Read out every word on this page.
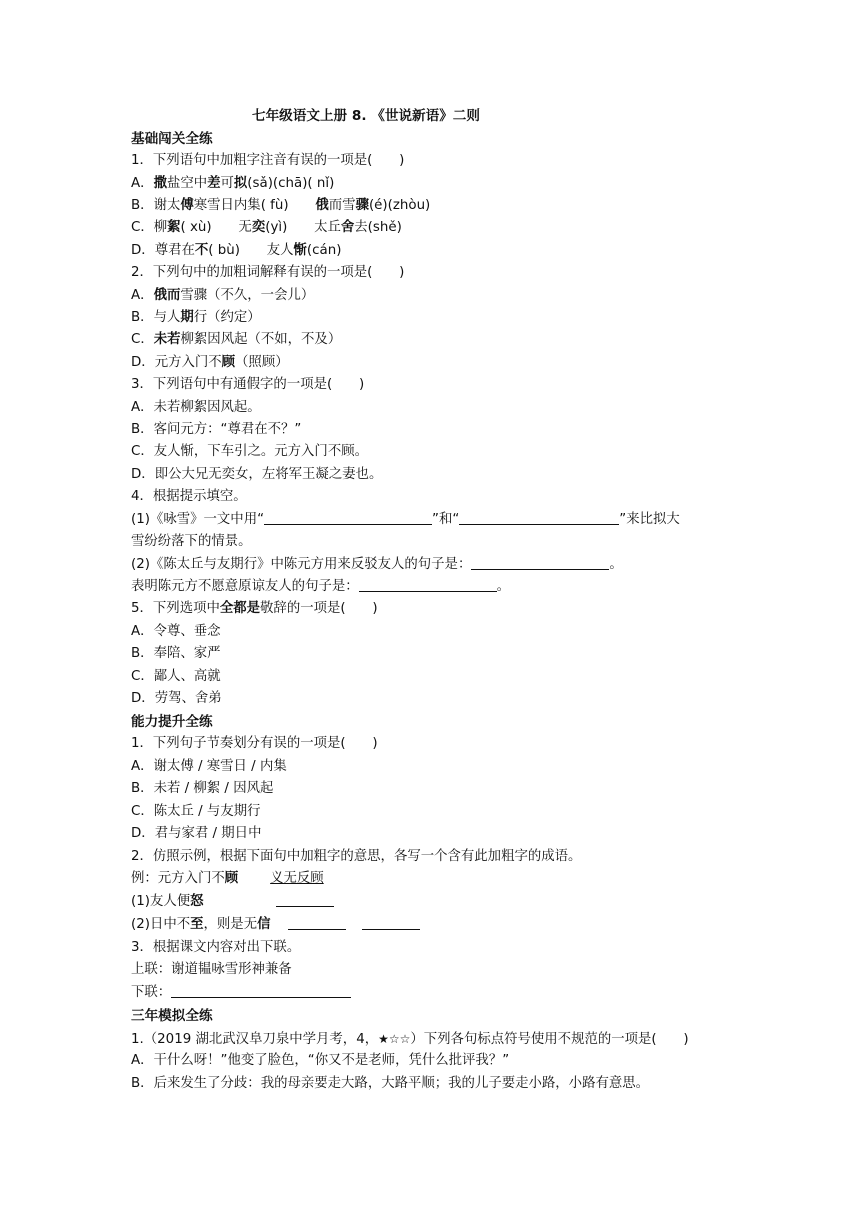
七年级语文上册 8. 《世说新语》二则
基础闯关全练
1．下列语句中加粗字注音有误的一项是(　　)
A．撒盐空中差可拟(sǎ)(chā)( nǐ)
B．谢太傅寒雪日内集( fù)　　俄而雪骤(é)(zhòu)
C．柳絮( xù)　　无奕(yì)　　太丘舍去(shě)
D．尊君在不( bù)　　友人惭(cán)
2．下列句中的加粗词解释有误的一项是(　　)
A．俄而雪骤（不久，一会儿）
B．与人期行（约定）
C．未若柳絮因风起（不如，不及）
D．元方入门不顾（照顾）
3．下列语句中有通假字的一项是(　　)
A．未若柳絮因风起。
B．客问元方：“尊君在不？”
C．友人惭，下车引之。元方入门不顾。
D．即公大兄无奕女，左将军王凝之妻也。
4．根据提示填空。
(1)《咏雪》一文中用“	”和“	”来比拟大
雪纷纷落下的情景。
(2)《陈太丘与友期行》中陈元方用来反驳友人的句子是：	。
表明陈元方不愿意原谅友人的句子是：	。
5．下列选项中全都是敬辞的一项是(　　)
A．令尊、垂念
B．奉陪、家严
C．鄙人、高就
D．劳驾、舍弟
能力提升全练
1．下列句子节奏划分有误的一项是(　　)
A．谢太傅 / 寒雪日 / 内集
B．未若 / 柳絮 / 因风起
C．陈太丘 / 与友期行
D．君与家君 / 期日中
2．仿照示例，根据下面句中加粗字的意思，各写一个含有此加粗字的成语。
例：元方入门不顾 义无反顾
(1)友人便怒
(2)日中不至，则是无信
3．根据课文内容对出下联。
上联：谢道韫咏雪形神兼备
下联：
三年模拟全练
1.（2019 湖北武汉阜刀泉中学月考，4，★☆☆）下列各句标点符号使用不规范的一项是(　　)
A．干什么呀！”他变了脸色，“你又不是老师，凭什么批评我？”
B．后来发生了分歧：我的母亲要走大路，大路平顺；我的儿子要走小路，小路有意思。
